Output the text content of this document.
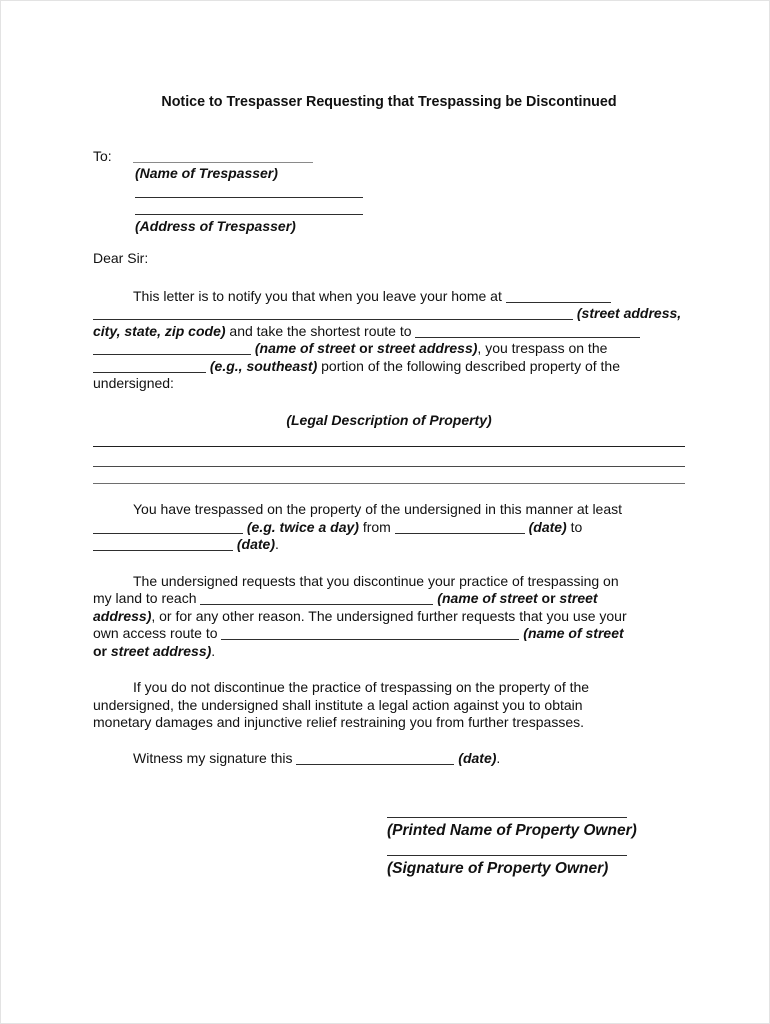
Notice to Trespasser Requesting that Trespassing be Discontinued
To:
(Name of Trespasser)
(Address of Trespasser)
Dear Sir:
This letter is to notify you that when you leave your home at
(street address,
city, state, zip code) and take the shortest route to
(name of street or street address), you trespass on the
(e.g., southeast) portion of the following described property of the
undersigned:
(Legal Description of Property)
You have trespassed on the property of the undersigned in this manner at least
(e.g. twice a day) from	(date) to
(date).
The undersigned requests that you discontinue your practice of trespassing on
my land to reach	(name of street or street
address), or for any other reason. The undersigned further requests that you use your
own access route to	(name of street
or street address).
If you do not discontinue the practice of trespassing on the property of the
undersigned, the undersigned shall institute a legal action against you to obtain
monetary damages and injunctive relief restraining you from further trespasses.
Witness my signature this	(date).
(Printed Name of Property Owner)
(Signature of Property Owner)
